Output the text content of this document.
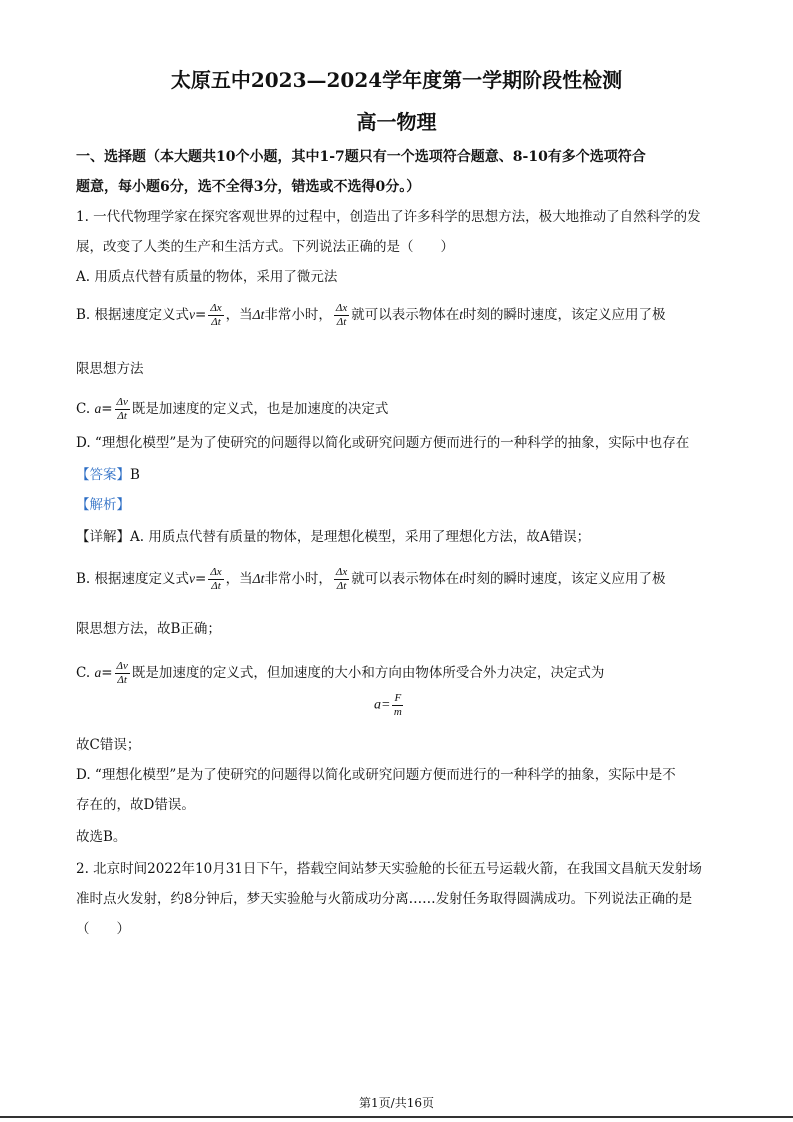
太原五中2023—2024学年度第一学期阶段性检测
高一物理
一、选择题（本大题共10个小题，其中1-7题只有一个选项符合题意、8-10有多个选项符合
题意，每小题6分，选不全得3分，错选或不选得0分。）
1. 一代代物理学家在探究客观世界的过程中，创造出了许多科学的思想方法，极大地推动了自然科学的发
展，改变了人类的生产和生活方式。下列说法正确的是（　　）
A. 用质点代替有质量的物体，采用了微元法
B. 根据速度定义式$v= \frac{\Delta x}{\Delta t}$ ，当Δt非常小时， $\frac{\Delta x}{\Delta t}$ 就可以表示物体在t时刻的瞬时速度，该定义应用了极
限思想方法
C. $a= \frac{\Delta v}{\Delta t}$ 既是加速度的定义式，也是加速度的决定式
D. “理想化模型”是为了使研究的问题得以简化或研究问题方便而进行的一种科学的抽象，实际中也存在
【答案】B
【解析】
【详解】A. 用质点代替有质量的物体，是理想化模型，采用了理想化方法，故A错误；
B. 根据速度定义式$v= \frac{\Delta x}{\Delta t}$ ，当Δt非常小时， $\frac{\Delta x}{\Delta t}$ 就可以表示物体在t时刻的瞬时速度，该定义应用了极
限思想方法，故B正确；
C. $a= \frac{\Delta v}{\Delta t}$ 既是加速度的定义式，但加速度的大小和方向由物体所受合外力决定，决定式为
$a= \frac{F}{m}$
故C错误；
D. “理想化模型”是为了使研究的问题得以简化或研究问题方便而进行的一种科学的抽象，实际中是不
存在的，故D错误。
故选B。
2. 北京时间2022年10月31日下午，搭载空间站梦天实验舱的长征五号运载火箭，在我国文昌航天发射场
准时点火发射，约8分钟后，梦天实验舱与火箭成功分离……发射任务取得圆满成功。下列说法正确的是
（　　）
第1页/共16页
